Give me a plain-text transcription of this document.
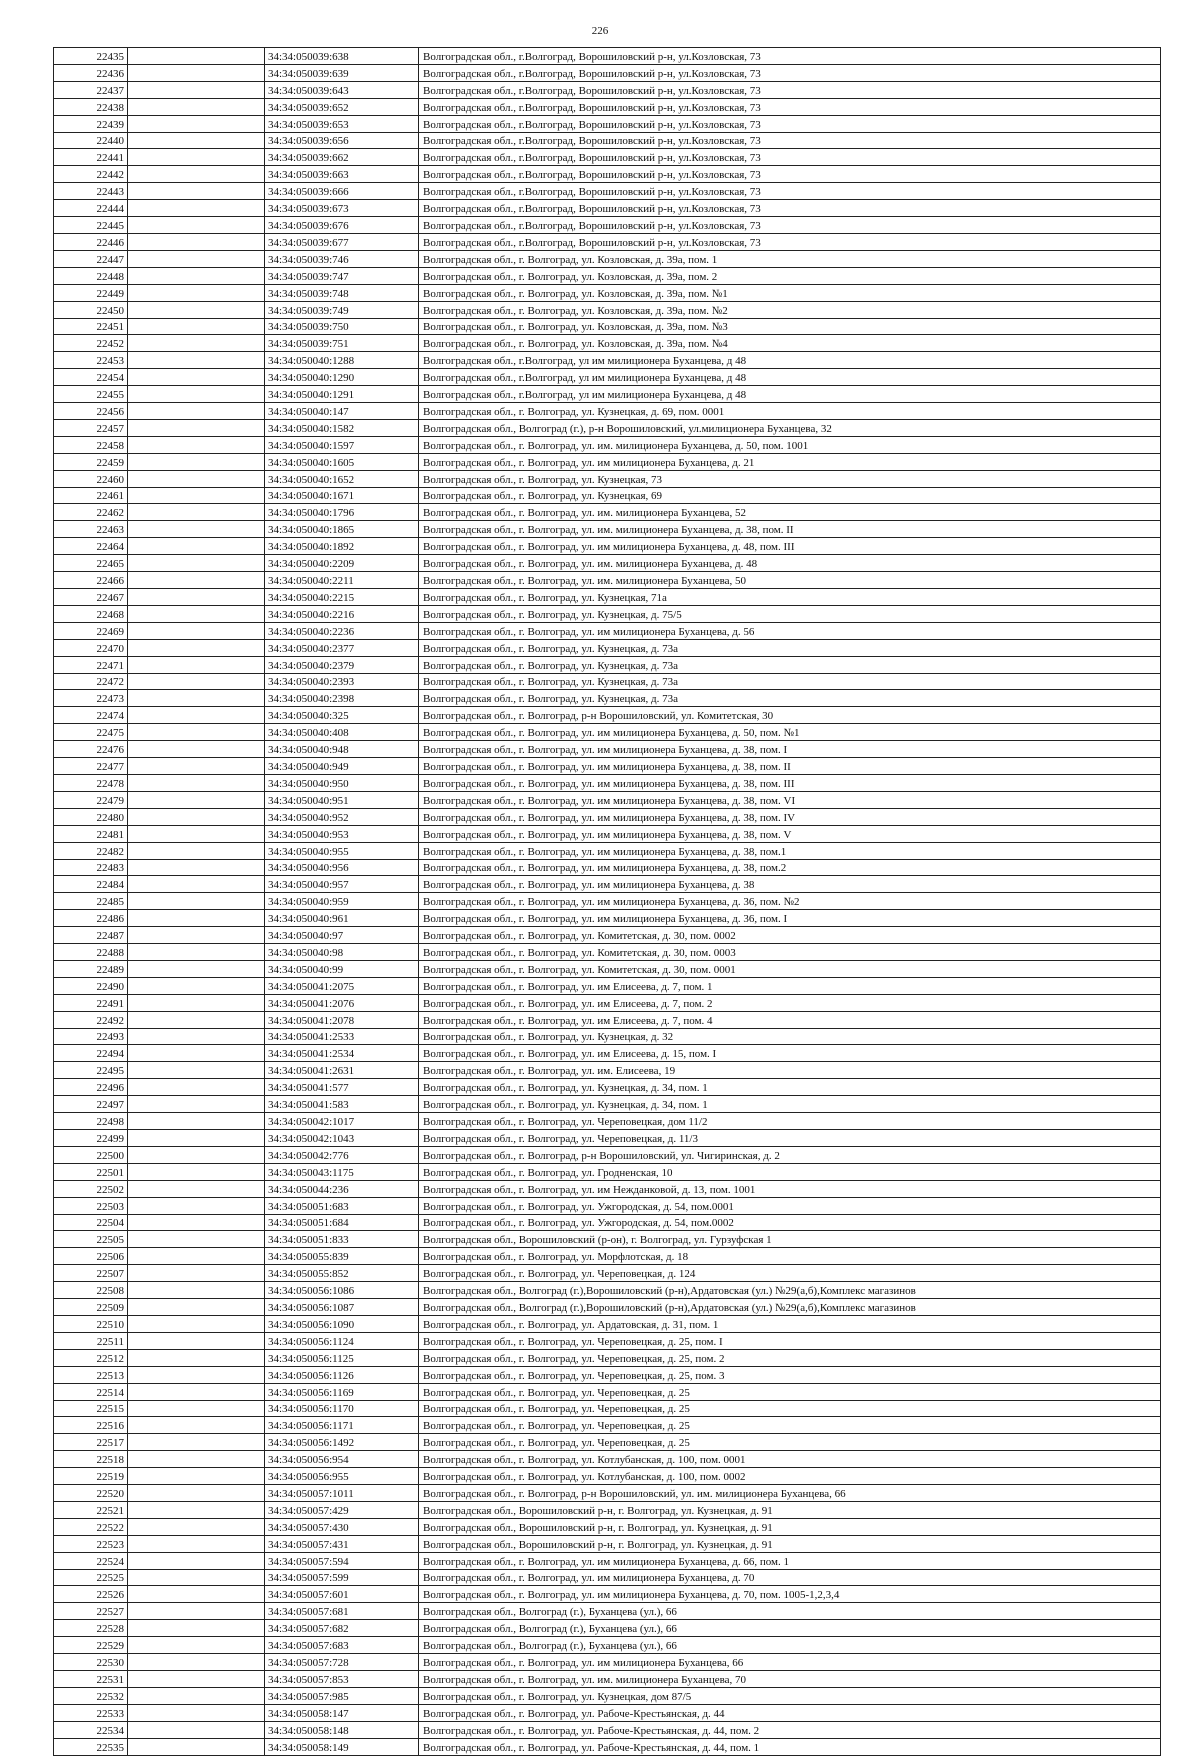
226
22435		34:34:050039:638	Волгоградская обл., г.Волгоград, Ворошиловский р-н, ул.Козловская, 73
22436		34:34:050039:639	Волгоградская обл., г.Волгоград, Ворошиловский р-н, ул.Козловская, 73
22437		34:34:050039:643	Волгоградская обл., г.Волгоград, Ворошиловский р-н, ул.Козловская, 73
22438		34:34:050039:652	Волгоградская обл., г.Волгоград, Ворошиловский р-н, ул.Козловская, 73
22439		34:34:050039:653	Волгоградская обл., г.Волгоград, Ворошиловский р-н, ул.Козловская, 73
22440		34:34:050039:656	Волгоградская обл., г.Волгоград, Ворошиловский р-н, ул.Козловская, 73
22441		34:34:050039:662	Волгоградская обл., г.Волгоград, Ворошиловский р-н, ул.Козловская, 73
22442		34:34:050039:663	Волгоградская обл., г.Волгоград, Ворошиловский р-н, ул.Козловская, 73
22443		34:34:050039:666	Волгоградская обл., г.Волгоград, Ворошиловский р-н, ул.Козловская, 73
22444		34:34:050039:673	Волгоградская обл., г.Волгоград, Ворошиловский р-н, ул.Козловская, 73
22445		34:34:050039:676	Волгоградская обл., г.Волгоград, Ворошиловский р-н, ул.Козловская, 73
22446		34:34:050039:677	Волгоградская обл., г.Волгоград, Ворошиловский р-н, ул.Козловская, 73
22447		34:34:050039:746	Волгоградская обл., г. Волгоград, ул. Козловская, д. 39а, пом. 1
22448		34:34:050039:747	Волгоградская обл., г. Волгоград, ул. Козловская, д. 39а, пом. 2
22449		34:34:050039:748	Волгоградская обл., г. Волгоград, ул. Козловская, д. 39а, пом. №1
22450		34:34:050039:749	Волгоградская обл., г. Волгоград, ул. Козловская, д. 39а, пом. №2
22451		34:34:050039:750	Волгоградская обл., г. Волгоград, ул. Козловская, д. 39а, пом. №3
22452		34:34:050039:751	Волгоградская обл., г. Волгоград, ул. Козловская, д. 39а, пом. №4
22453		34:34:050040:1288	Волгоградская обл., г.Волгоград, ул им милиционера Буханцева, д 48
22454		34:34:050040:1290	Волгоградская обл., г.Волгоград, ул им милиционера Буханцева, д 48
22455		34:34:050040:1291	Волгоградская обл., г.Волгоград, ул им милиционера Буханцева, д 48
22456		34:34:050040:147	Волгоградская обл., г. Волгоград, ул. Кузнецкая, д. 69, пом. 0001
22457		34:34:050040:1582	Волгоградская обл., Волгоград (г.), р-н Ворошиловский, ул.милиционера Буханцева, 32
22458		34:34:050040:1597	Волгоградская обл., г. Волгоград, ул. им. милиционера Буханцева, д. 50, пом. 1001
22459		34:34:050040:1605	Волгоградская обл., г. Волгоград, ул. им милиционера Буханцева, д. 21
22460		34:34:050040:1652	Волгоградская обл., г. Волгоград, ул. Кузнецкая, 73
22461		34:34:050040:1671	Волгоградская обл., г. Волгоград, ул. Кузнецкая, 69
22462		34:34:050040:1796	Волгоградская обл., г. Волгоград, ул. им. милиционера Буханцева, 52
22463		34:34:050040:1865	Волгоградская обл., г. Волгоград, ул. им. милиционера Буханцева, д. 38, пом. II
22464		34:34:050040:1892	Волгоградская обл., г. Волгоград, ул. им милиционера Буханцева, д. 48, пом. III
22465		34:34:050040:2209	Волгоградская обл., г. Волгоград, ул. им. милиционера Буханцева, д. 48
22466		34:34:050040:2211	Волгоградская обл., г. Волгоград, ул. им. милиционера Буханцева, 50
22467		34:34:050040:2215	Волгоградская обл., г. Волгоград, ул. Кузнецкая, 71а
22468		34:34:050040:2216	Волгоградская обл., г. Волгоград, ул. Кузнецкая, д. 75/5
22469		34:34:050040:2236	Волгоградская обл., г. Волгоград, ул. им милиционера Буханцева, д. 56
22470		34:34:050040:2377	Волгоградская обл., г. Волгоград, ул. Кузнецкая, д. 73а
22471		34:34:050040:2379	Волгоградская обл., г. Волгоград, ул. Кузнецкая, д. 73а
22472		34:34:050040:2393	Волгоградская обл., г. Волгоград, ул. Кузнецкая, д. 73а
22473		34:34:050040:2398	Волгоградская обл., г. Волгоград, ул. Кузнецкая, д. 73а
22474		34:34:050040:325	Волгоградская обл., г. Волгоград, р-н Ворошиловский, ул. Комитетская, 30
22475		34:34:050040:408	Волгоградская обл., г. Волгоград, ул. им милиционера Буханцева, д. 50, пом. №1
22476		34:34:050040:948	Волгоградская обл., г. Волгоград, ул. им милиционера Буханцева, д. 38, пом. I
22477		34:34:050040:949	Волгоградская обл., г. Волгоград, ул. им милиционера Буханцева, д. 38, пом. II
22478		34:34:050040:950	Волгоградская обл., г. Волгоград, ул. им милиционера Буханцева, д. 38, пом. III
22479		34:34:050040:951	Волгоградская обл., г. Волгоград, ул. им милиционера Буханцева, д. 38, пом. VI
22480		34:34:050040:952	Волгоградская обл., г. Волгоград, ул. им милиционера Буханцева, д. 38, пом. IV
22481		34:34:050040:953	Волгоградская обл., г. Волгоград, ул. им милиционера Буханцева, д. 38, пом. V
22482		34:34:050040:955	Волгоградская обл., г. Волгоград, ул. им милиционера Буханцева, д. 38, пом.1
22483		34:34:050040:956	Волгоградская обл., г. Волгоград, ул. им милиционера Буханцева, д. 38, пом.2
22484		34:34:050040:957	Волгоградская обл., г. Волгоград, ул. им милиционера Буханцева, д. 38
22485		34:34:050040:959	Волгоградская обл., г. Волгоград, ул. им милиционера Буханцева, д. 36, пом. №2
22486		34:34:050040:961	Волгоградская обл., г. Волгоград, ул. им милиционера Буханцева, д. 36, пом. I
22487		34:34:050040:97	Волгоградская обл., г. Волгоград, ул. Комитетская, д. 30, пом. 0002
22488		34:34:050040:98	Волгоградская обл., г. Волгоград, ул. Комитетская, д. 30, пом. 0003
22489		34:34:050040:99	Волгоградская обл., г. Волгоград, ул. Комитетская, д. 30, пом. 0001
22490		34:34:050041:2075	Волгоградская обл., г. Волгоград, ул. им Елисеева, д. 7, пом. 1
22491		34:34:050041:2076	Волгоградская обл., г. Волгоград, ул. им Елисеева, д. 7, пом. 2
22492		34:34:050041:2078	Волгоградская обл., г. Волгоград, ул. им Елисеева, д. 7, пом. 4
22493		34:34:050041:2533	Волгоградская обл., г. Волгоград, ул. Кузнецкая, д. 32
22494		34:34:050041:2534	Волгоградская обл., г. Волгоград, ул. им Елисеева, д. 15, пом. I
22495		34:34:050041:2631	Волгоградская обл., г. Волгоград, ул. им. Елисеева, 19
22496		34:34:050041:577	Волгоградская обл., г. Волгоград, ул. Кузнецкая, д. 34, пом. 1
22497		34:34:050041:583	Волгоградская обл., г. Волгоград, ул. Кузнецкая, д. 34, пом. 1
22498		34:34:050042:1017	Волгоградская обл., г. Волгоград, ул. Череповецкая, дом 11/2
22499		34:34:050042:1043	Волгоградская обл., г. Волгоград, ул. Череповецкая, д. 11/3
22500		34:34:050042:776	Волгоградская обл., г. Волгоград, р-н Ворошиловский, ул. Чигиринская, д. 2
22501		34:34:050043:1175	Волгоградская обл., г. Волгоград, ул. Гродненская, 10
22502		34:34:050044:236	Волгоградская обл., г. Волгоград, ул. им Нежданковой, д. 13, пом. 1001
22503		34:34:050051:683	Волгоградская обл., г. Волгоград, ул. Ужгородская, д. 54, пом.0001
22504		34:34:050051:684	Волгоградская обл., г. Волгоград, ул. Ужгородская, д. 54, пом.0002
22505		34:34:050051:833	Волгоградская обл., Ворошиловский (р-он), г. Волгоград, ул. Гурзуфская 1
22506		34:34:050055:839	Волгоградская обл., г. Волгоград, ул. Морфлотская, д. 18
22507		34:34:050055:852	Волгоградская обл., г. Волгоград, ул. Череповецкая, д. 124
22508		34:34:050056:1086	Волгоградская обл., Волгоград (г.),Ворошиловский (р-н),Ардатовская (ул.) №29(а,б),Комплекс магазинов
22509		34:34:050056:1087	Волгоградская обл., Волгоград (г.),Ворошиловский (р-н),Ардатовская (ул.) №29(а,б),Комплекс магазинов
22510		34:34:050056:1090	Волгоградская обл., г. Волгоград, ул. Ардатовская, д. 31, пом. 1
22511		34:34:050056:1124	Волгоградская обл., г. Волгоград, ул. Череповецкая, д. 25, пом. I
22512		34:34:050056:1125	Волгоградская обл., г. Волгоград, ул. Череповецкая, д. 25, пом. 2
22513		34:34:050056:1126	Волгоградская обл., г. Волгоград, ул. Череповецкая, д. 25, пом. 3
22514		34:34:050056:1169	Волгоградская обл., г. Волгоград, ул. Череповецкая, д. 25
22515		34:34:050056:1170	Волгоградская обл., г. Волгоград, ул. Череповецкая, д. 25
22516		34:34:050056:1171	Волгоградская обл., г. Волгоград, ул. Череповецкая, д. 25
22517		34:34:050056:1492	Волгоградская обл., г. Волгоград, ул. Череповецкая, д. 25
22518		34:34:050056:954	Волгоградская обл., г. Волгоград, ул. Котлубанская, д. 100, пом. 0001
22519		34:34:050056:955	Волгоградская обл., г. Волгоград, ул. Котлубанская, д. 100, пом. 0002
22520		34:34:050057:1011	Волгоградская обл., г. Волгоград, р-н Ворошиловский, ул. им. милиционера Буханцева, 66
22521		34:34:050057:429	Волгоградская обл., Ворошиловский р-н, г. Волгоград, ул. Кузнецкая, д. 91
22522		34:34:050057:430	Волгоградская обл., Ворошиловский р-н, г. Волгоград, ул. Кузнецкая, д. 91
22523		34:34:050057:431	Волгоградская обл., Ворошиловский р-н, г. Волгоград, ул. Кузнецкая, д. 91
22524		34:34:050057:594	Волгоградская обл., г. Волгоград, ул. им милиционера Буханцева, д. 66, пом. 1
22525		34:34:050057:599	Волгоградская обл., г. Волгоград, ул. им милиционера Буханцева, д. 70
22526		34:34:050057:601	Волгоградская обл., г. Волгоград, ул. им милиционера Буханцева, д. 70, пом. 1005-1,2,3,4
22527		34:34:050057:681	Волгоградская обл., Волгоград (г.), Буханцева (ул.), 66
22528		34:34:050057:682	Волгоградская обл., Волгоград (г.), Буханцева (ул.), 66
22529		34:34:050057:683	Волгоградская обл., Волгоград (г.), Буханцева (ул.), 66
22530		34:34:050057:728	Волгоградская обл., г. Волгоград, ул. им милиционера Буханцева, 66
22531		34:34:050057:853	Волгоградская обл., г. Волгоград, ул. им. милиционера Буханцева, 70
22532		34:34:050057:985	Волгоградская обл., г. Волгоград, ул. Кузнецкая, дом 87/5
22533		34:34:050058:147	Волгоградская обл., г. Волгоград, ул. Рабоче-Крестьянская, д. 44
22534		34:34:050058:148	Волгоградская обл., г. Волгоград, ул. Рабоче-Крестьянская, д. 44, пом. 2
22535		34:34:050058:149	Волгоградская обл., г. Волгоград, ул. Рабоче-Крестьянская, д. 44, пом. 1
